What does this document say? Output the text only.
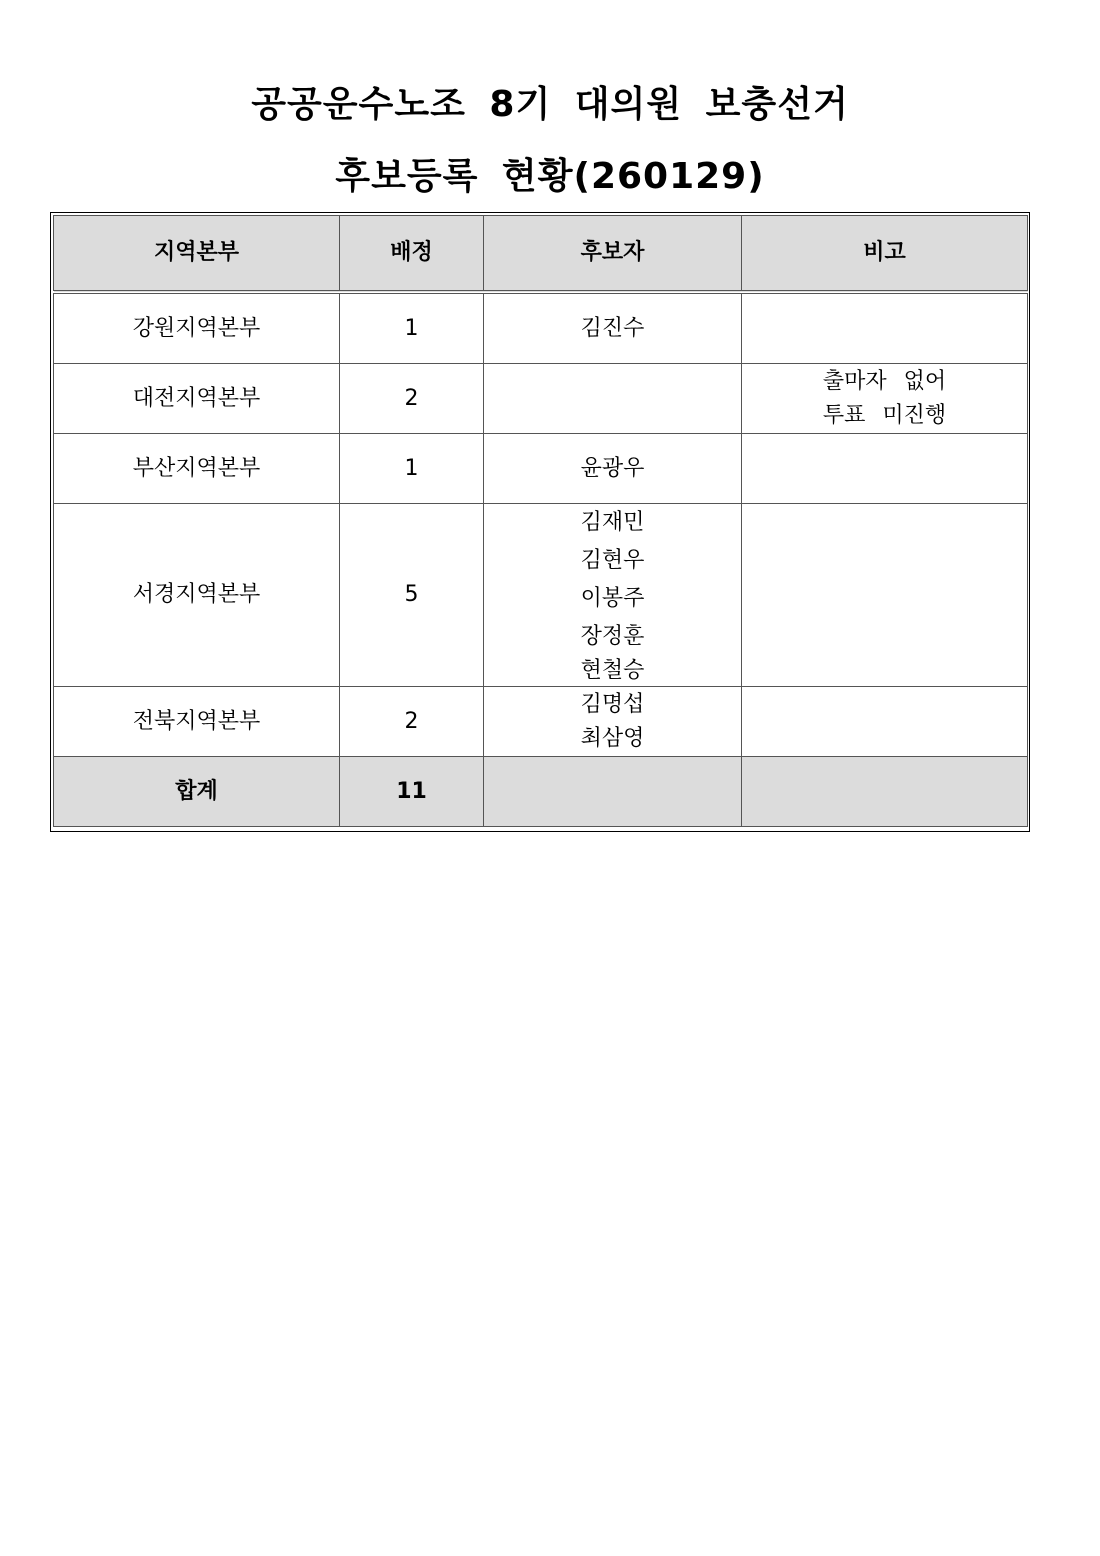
공공운수노조 8기 대의원 보충선거
후보등록 현황(260129)
지역본부	배정	후보자	비고
강원지역본부	1	김진수	

대전지역본부	2		출마자 없어
투표 미진행

부산지역본부	1	윤광우	

서경지역본부	5	김재민
김현우
이봉주
장정훈
현철승	

전북지역본부	2	김명섭
최삼영	

합계	11		
